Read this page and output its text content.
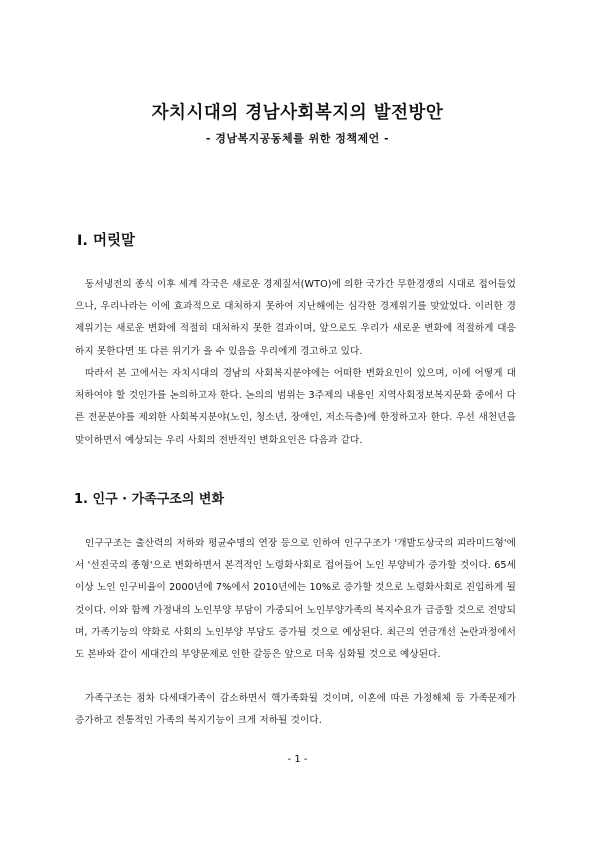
자치시대의 경남사회복지의 발전방안
- 경남복지공동체를 위한 정책제언 -
Ⅰ. 머릿말

동서냉전의 종식 이후 세계 각국은 새로운 경제질서(WTO)에 의한 국가간 무한경쟁의 시대로 접어들었으나, 우리나라는 이에 효과적으로 대처하지 못하여 지난해에는 심각한 경제위기를 맞았었다. 이러한 경제위기는 새로운 변화에 적절히 대처하지 못한 결과이며, 앞으로도 우리가 새로운 변화에 적절하게 대응하지 못한다면 또 다른 위기가 올 수 있음을 우리에게 경고하고 있다.

따라서 본 고에서는 자치시대의 경남의 사회복지분야에는 어떠한 변화요인이 있으며, 이에 어떻게 대처하여야 할 것인가를 논의하고자 한다. 논의의 범위는 3주제의 내용인 지역사회정보복지문화 중에서 다른 전문분야를 제외한 사회복지분야(노인, 청소년, 장애인, 저소득층)에 한정하고자 한다. 우선 새천년을 맞이하면서 예상되는 우리 사회의 전반적인 변화요인은 다음과 같다.

1. 인구 · 가족구조의 변화

인구구조는 출산력의 저하와 평균수명의 연장 등으로 인하여 인구구조가 '개발도상국의 피라미드형'에서 '선진국의 종형'으로 변화하면서 본격적인 노령화사회로 접어들어 노인 부양비가 증가할 것이다. 65세 이상 노인 인구비율이 2000년에 7%에서 2010년에는 10%로 증가할 것으로 노령화사회로 진입하게 될 것이다. 이와 함께 가정내의 노인부양 부담이 가중되어 노인부양가족의 복지수요가 급증할 것으로 전망되며, 가족기능의 약화로 사회의 노인부양 부담도 증가될 것으로 예상된다. 최근의 연금개선 논란과정에서도 본바와 같이 세대간의 부양문제로 인한 갈등은 앞으로 더욱 심화될 것으로 예상된다.

가족구조는 점차 다세대가족이 감소하면서 핵가족화될 것이며, 이혼에 따른 가정해체 등 가족문제가 증가하고 전통적인 가족의 복지기능이 크게 저하될 것이다.

- 1 -
